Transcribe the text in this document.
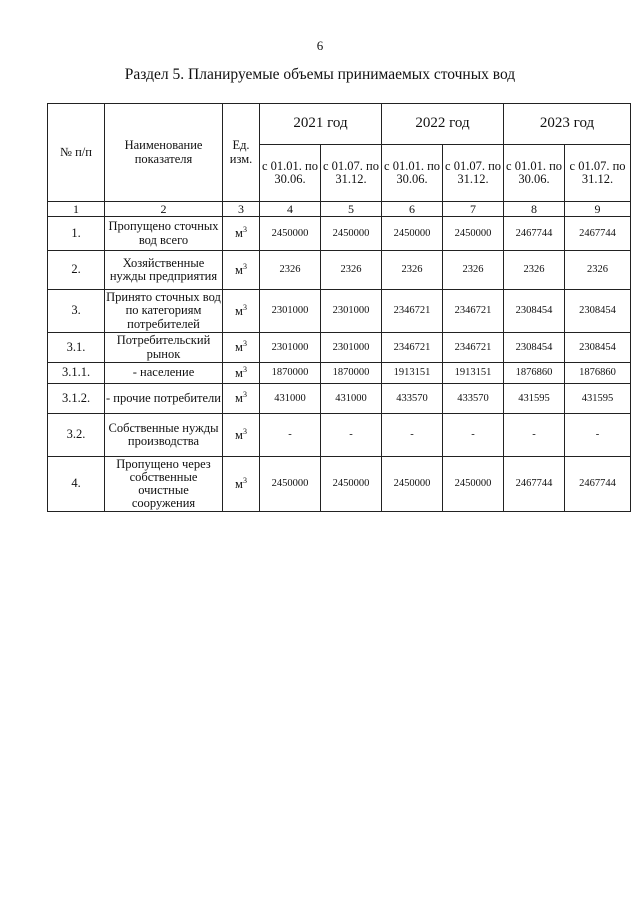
6
Раздел 5. Планируемые объемы принимаемых сточных вод
№ п/п	Наименование показателя	Ед. изм.	2021 год		2022 год		2023 год	
			с 01.01. по 30.06.	с 01.07. по 31.12.	с 01.01. по 30.06.	с 01.07. по 31.12.	с 01.01. по 30.06.	с 01.07. по 31.12.
1	2	3	4	5	6	7	8	9
1.	Пропущено сточных вод всего	$м^3$	2450000	2450000	2450000	2450000	2467744	2467744
2.	Хозяйственные нужды предприятия	$м^3$	2326	2326	2326	2326	2326	2326
3.	Принято сточных вод по категориям потребителей	$м^3$	2301000	2301000	2346721	2346721	2308454	2308454
3.1.	Потребительский рынок	$м^3$	2301000	2301000	2346721	2346721	2308454	2308454
3.1.1.	- население	$м^3$	1870000	1870000	1913151	1913151	1876860	1876860
3.1.2.	- прочие потребители	$м^3$	431000	431000	433570	433570	431595	431595
3.2.	Собственные нужды производства	$м^3$	-	-	-	-	-	-
4.	Пропущено через собственные очистные сооружения	$м^3$	2450000	2450000	2450000	2450000	2467744	2467744
